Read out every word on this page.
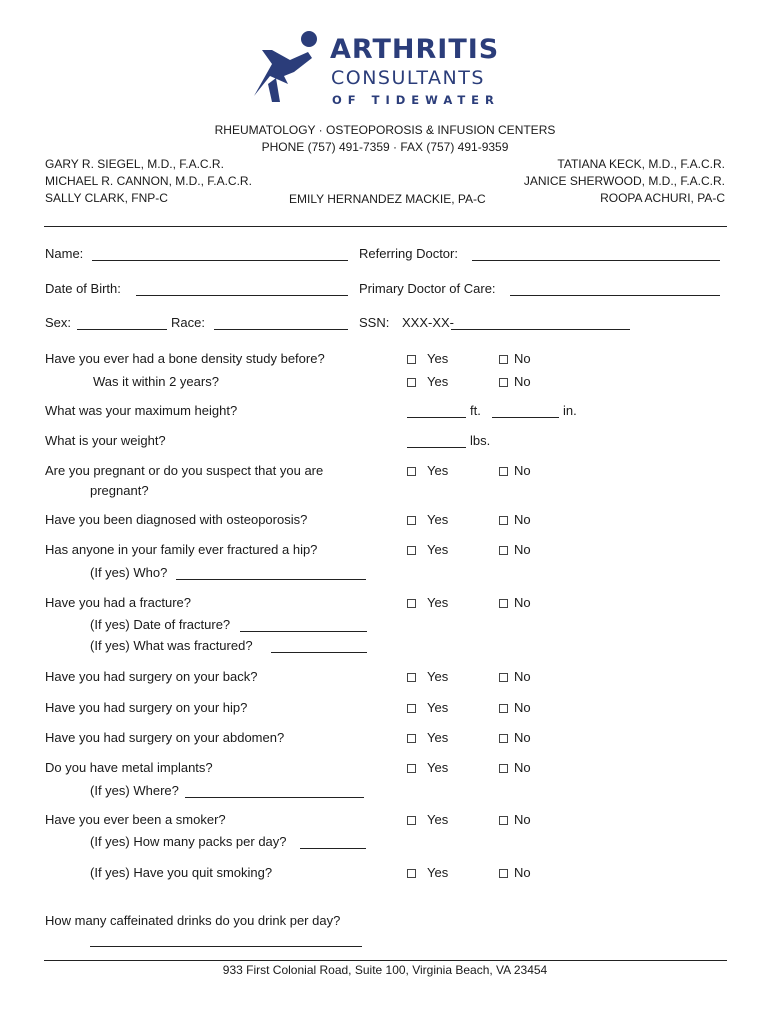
ARTHRITIS
CONSULTANTS
OF TIDEWATER
RHEUMATOLOGY · OSTEOPOROSIS & INFUSION CENTERS
PHONE (757) 491-7359 · FAX (757) 491-9359
GARY R. SIEGEL, M.D., F.A.C.R.
MICHAEL R. CANNON, M.D., F.A.C.R.
SALLY CLARK, FNP-C	EMILY HERNANDEZ MACKIE, PA-C
TATIANA KECK, M.D., F.A.C.R.
JANICE SHERWOOD, M.D., F.A.C.R.
ROOPA ACHURI, PA-C
Name:	Referring Doctor:
Date of Birth:	Primary Doctor of Care:
Sex:	Race:	SSN: XXX-XX-
Have you ever had a bone density study before?	Yes	No
Was it within 2 years?	Yes	No
What was your maximum height?	ft.	in.
What is your weight?	lbs.
Are you pregnant or do you suspect that you are
pregnant?
Yes	No
Have you been diagnosed with osteoporosis?	Yes	No
Has anyone in your family ever fractured a hip?	Yes	No
(If yes) Who?
Have you had a fracture?	Yes	No
(If yes) Date of fracture?
(If yes) What was fractured?
Have you had surgery on your back?	Yes	No
Have you had surgery on your hip?	Yes	No
Have you had surgery on your abdomen?	Yes	No
Do you have metal implants?	Yes	No
(If yes) Where?
Have you ever been a smoker?	Yes	No
(If yes) How many packs per day?
(If yes) Have you quit smoking?	Yes	No
How many caffeinated drinks do you drink per day?
933 First Colonial Road, Suite 100, Virginia Beach, VA 23454
